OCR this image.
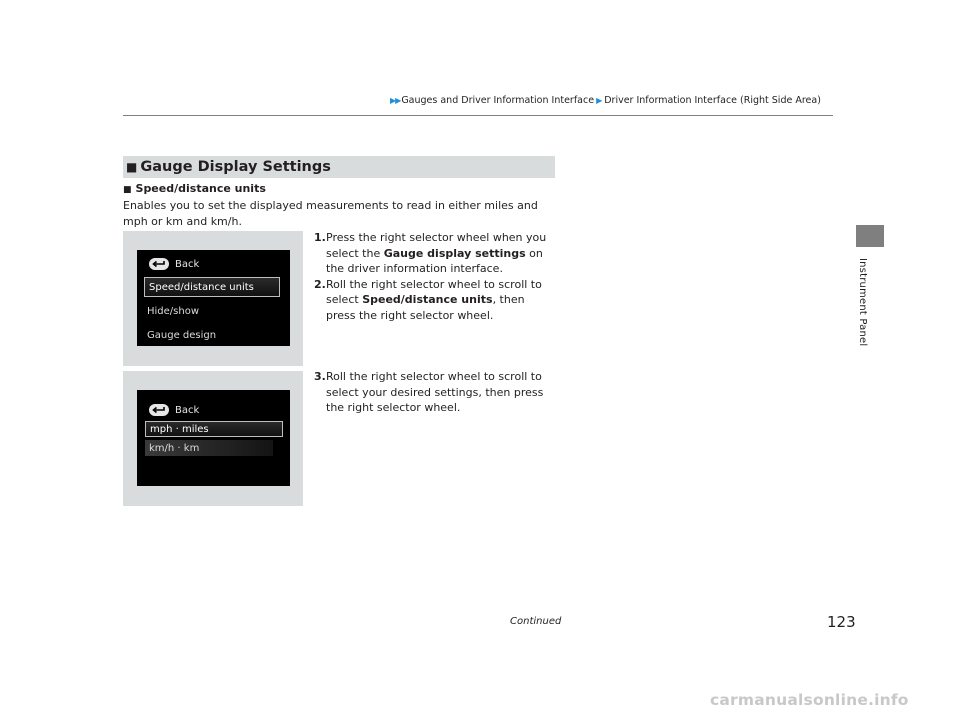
▶▶ Gauges and Driver Information Interface ▶ Driver Information Interface (Right Side Area)
Instrument Panel
■ Gauge Display Settings
■ Speed/distance units
Enables you to set the displayed measurements to read in either miles and mph or km and km/h.
Back
Speed/distance units
Hide/show
Gauge design
1. Press the right selector wheel when you select the Gauge display settings on the driver information interface.
2. Roll the right selector wheel to scroll to select Speed/distance units, then press the right selector wheel.
Back
mph · miles
km/h · km
3. Roll the right selector wheel to scroll to select your desired settings, then press the right selector wheel.
Continued	123
carmanualsonline.info
